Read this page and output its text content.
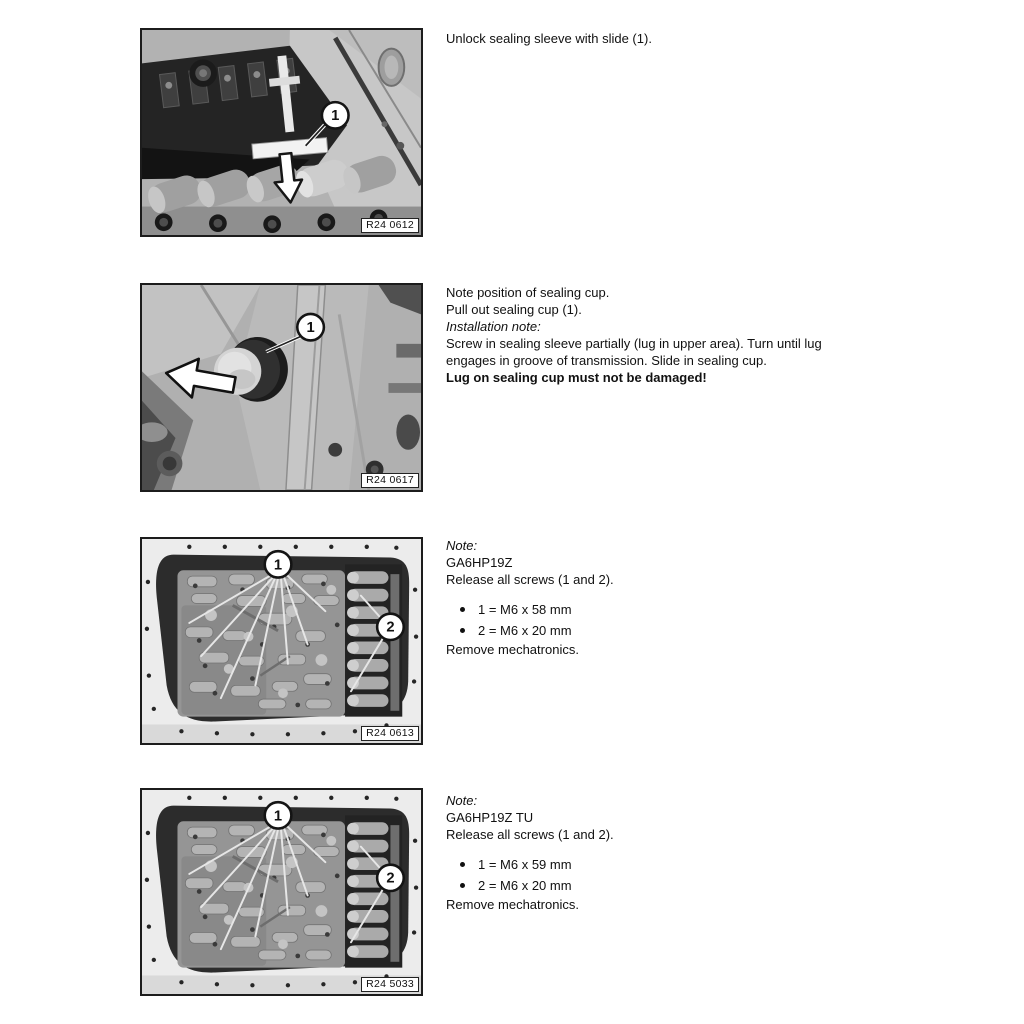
1
R24 0612

Unlock sealing sleeve with slide (1).

1
R24 0617

Note position of sealing cup.

Pull out sealing cup (1).

Installation note:

Screw in sealing sleeve partially (lug in upper area). Turn until lug engages in groove of transmission. Slide in sealing cup.

Lug on sealing cup must not be damaged!

1
2
R24 0613

Note:

GA6HP19Z

Release all screws (1 and 2).

1 = M6 x 58 mm
2 = M6 x 20 mm

Remove mechatronics.

1
2
R24 5033

Note:

GA6HP19Z TU

Release all screws (1 and 2).

1 = M6 x 59 mm
2 = M6 x 20 mm

Remove mechatronics.
